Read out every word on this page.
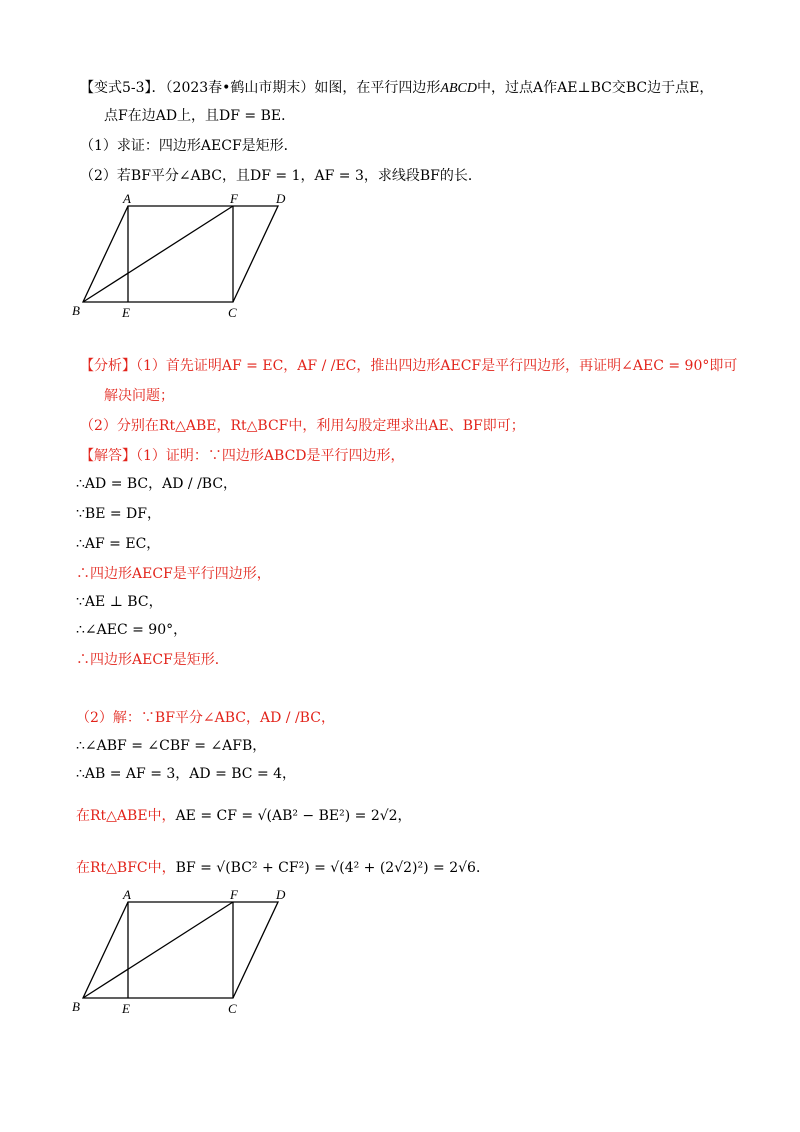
【变式5-3】．（2023春•鹤山市期末）如图，在平行四边形ABCD中，过点A作AE⊥BC交BC边于点E，
点F在边AD上，且DF = BE．
（1）求证：四边形AECF是矩形．
（2）若BF平分∠ABC，且DF = 1，AF = 3，求线段BF的长．
A	F	D
B	E	C
【分析】（1）首先证明AF = EC，AF / /EC，推出四边形AECF是平行四边形，再证明∠AEC = 90°即可
解决问题；
（2）分别在Rt△ABE，Rt△BCF中，利用勾股定理求出AE、BF即可；
【解答】（1）证明：∵四边形ABCD是平行四边形，
∴AD = BC，AD / /BC，
∵BE = DF，
∴AF = EC，
∴四边形AECF是平行四边形，
∵AE ⊥ BC，
∴∠AEC = 90°，
∴四边形AECF是矩形．
（2）解：∵BF平分∠ABC，AD / /BC，
∴∠ABF = ∠CBF = ∠AFB，
∴AB = AF = 3，AD = BC = 4，
在Rt△ABE中，AE = CF = √(AB² − BE²) = 2√2，
在Rt△BFC中，BF = √(BC² + CF²) = √(4² + (2√2)²) = 2√6．
A	F	D
B	E	C
